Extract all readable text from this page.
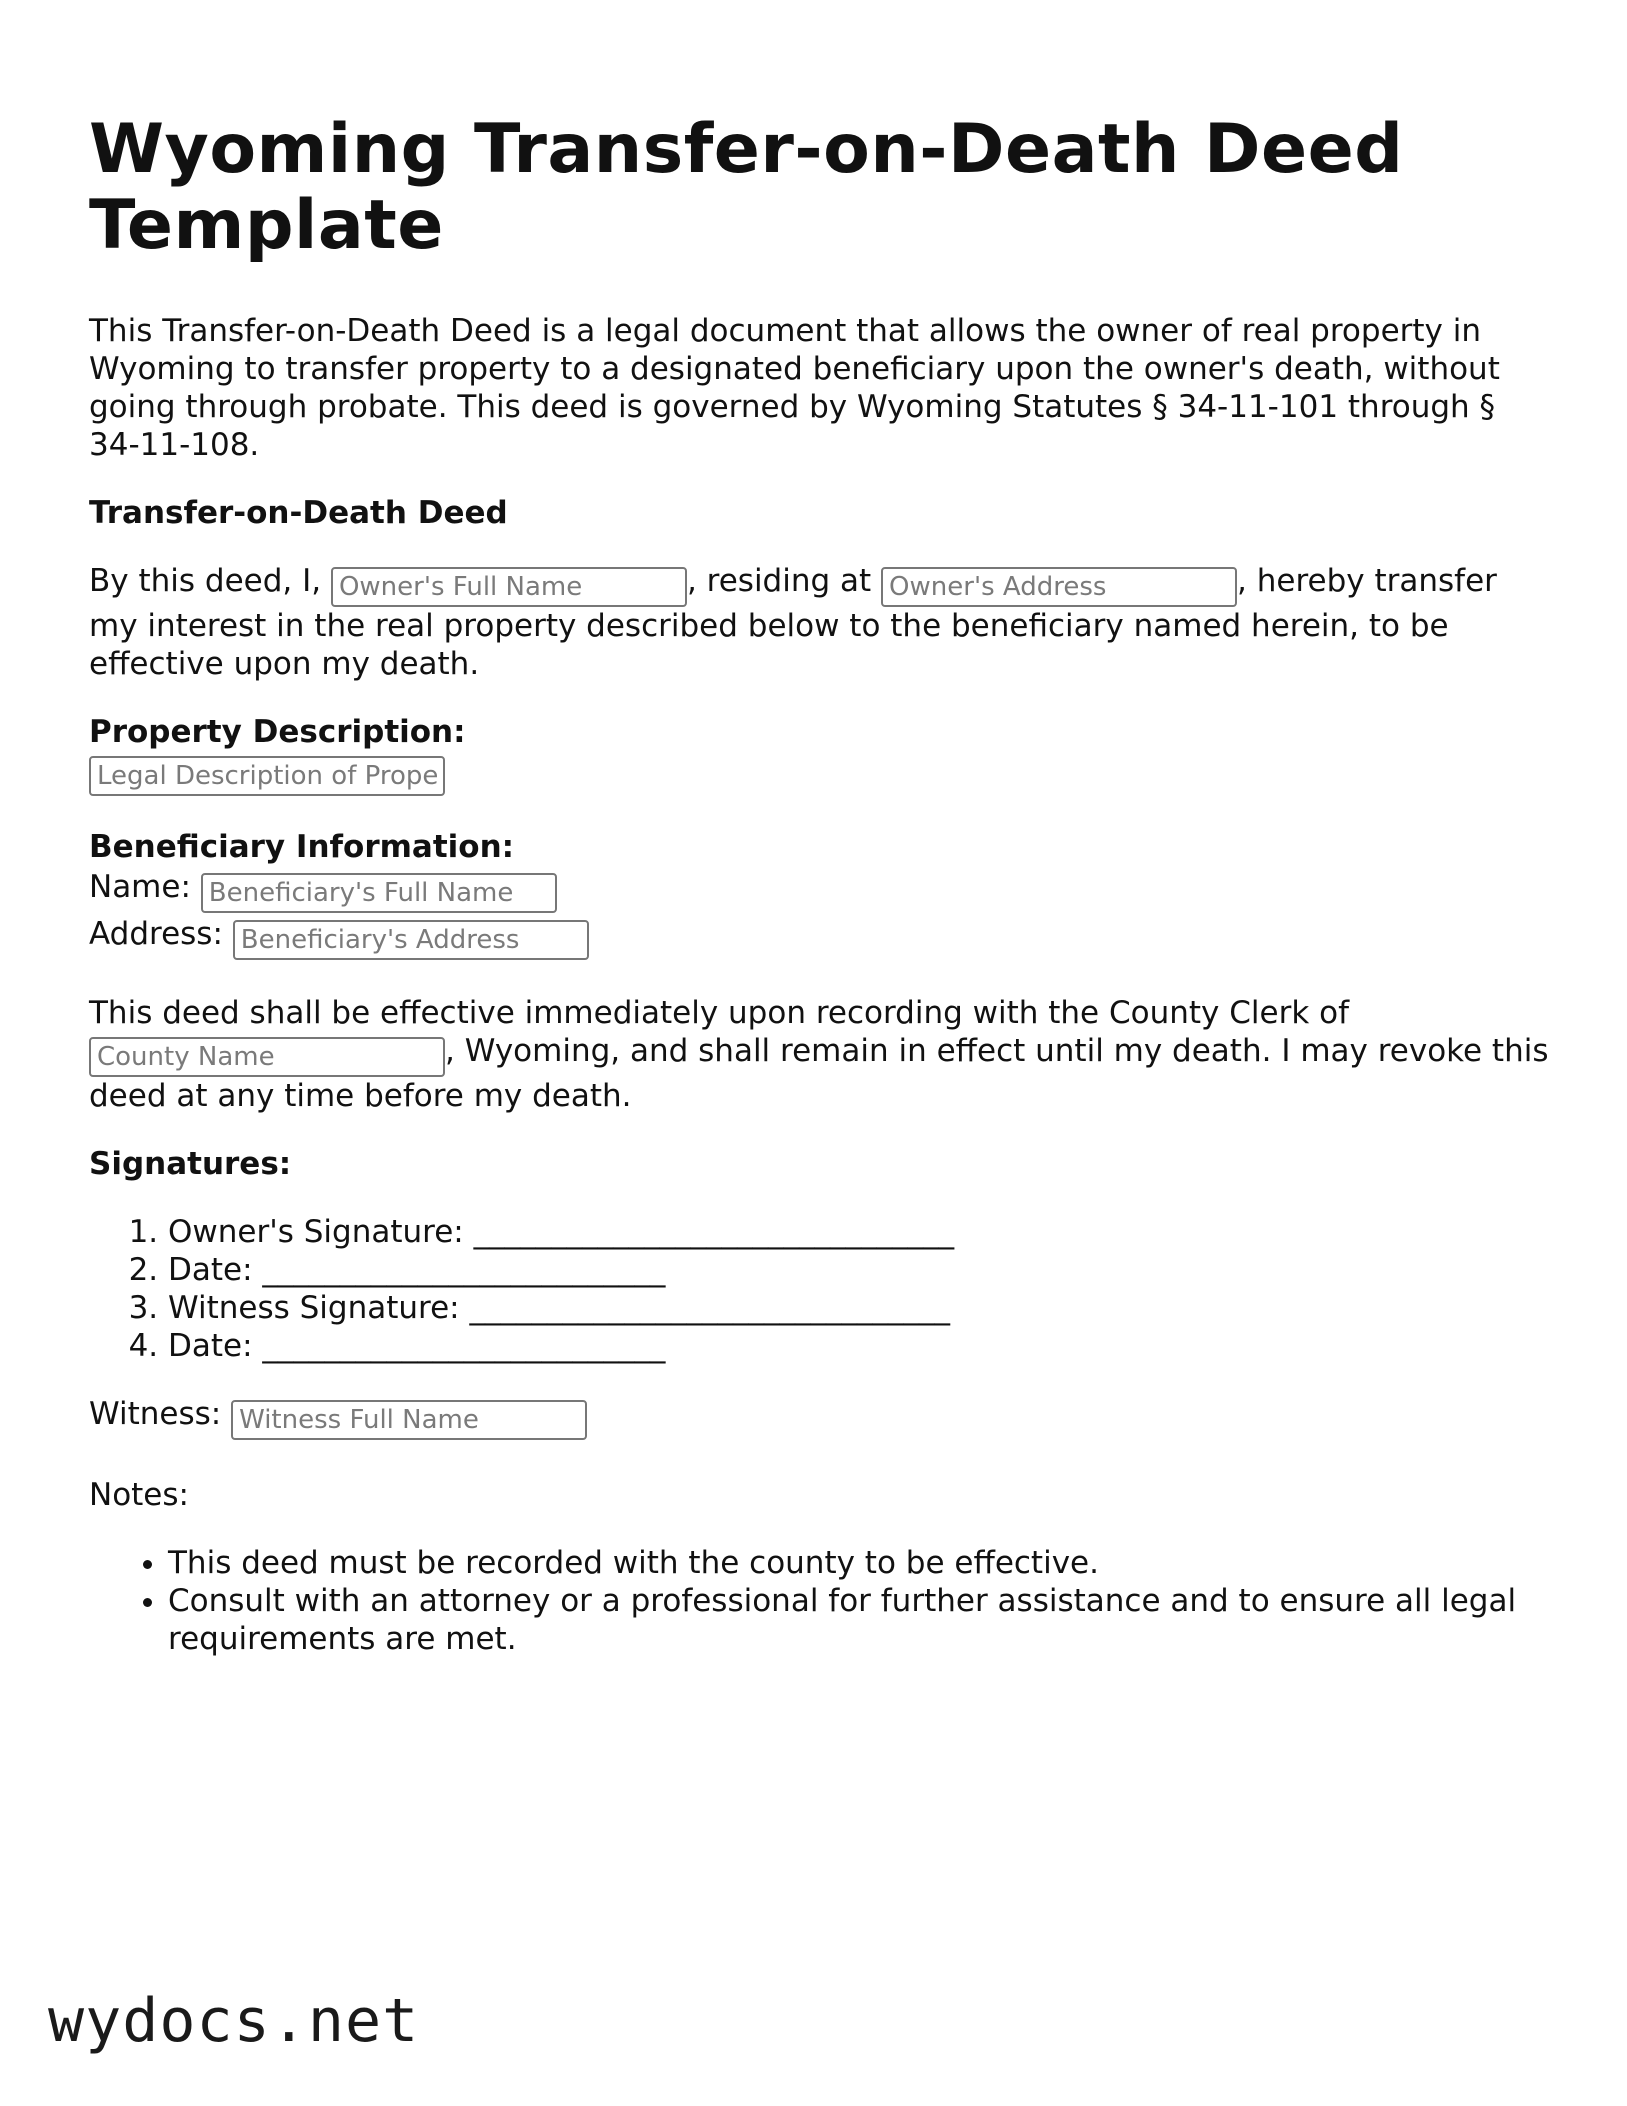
Wyoming Transfer-on-Death Deed Template

This Transfer-on-Death Deed is a legal document that allows the owner of real property in Wyoming to transfer property to a designated beneficiary upon the owner's death, without going through probate. This deed is governed by Wyoming Statutes § 34-11-101 through § 34-11-108.

Transfer-on-Death Deed

By this deed, I, Owner's Full Name	, residing at Owner's Address	, hereby transfer my interest in the real property described below to the beneficiary named herein, to be effective upon my death.

Property Description:
Legal Description of Property
Beneficiary Information:
Name: Beneficiary's Full Name
Address: Beneficiary's Address

This deed shall be effective immediately upon recording with the County Clerk of County Name, Wyoming, and shall remain in effect until my death. I may revoke this deed at any time before my death.

Signatures:

1. Owner's Signature: _______________________________
2. Date: __________________________
3. Witness Signature: _______________________________
4. Date: __________________________

Witness: Witness Full Name

Notes:

• This deed must be recorded with the county to be effective.
• Consult with an attorney or a professional for further assistance and to ensure all legal requirements are met.
wydocs.net
